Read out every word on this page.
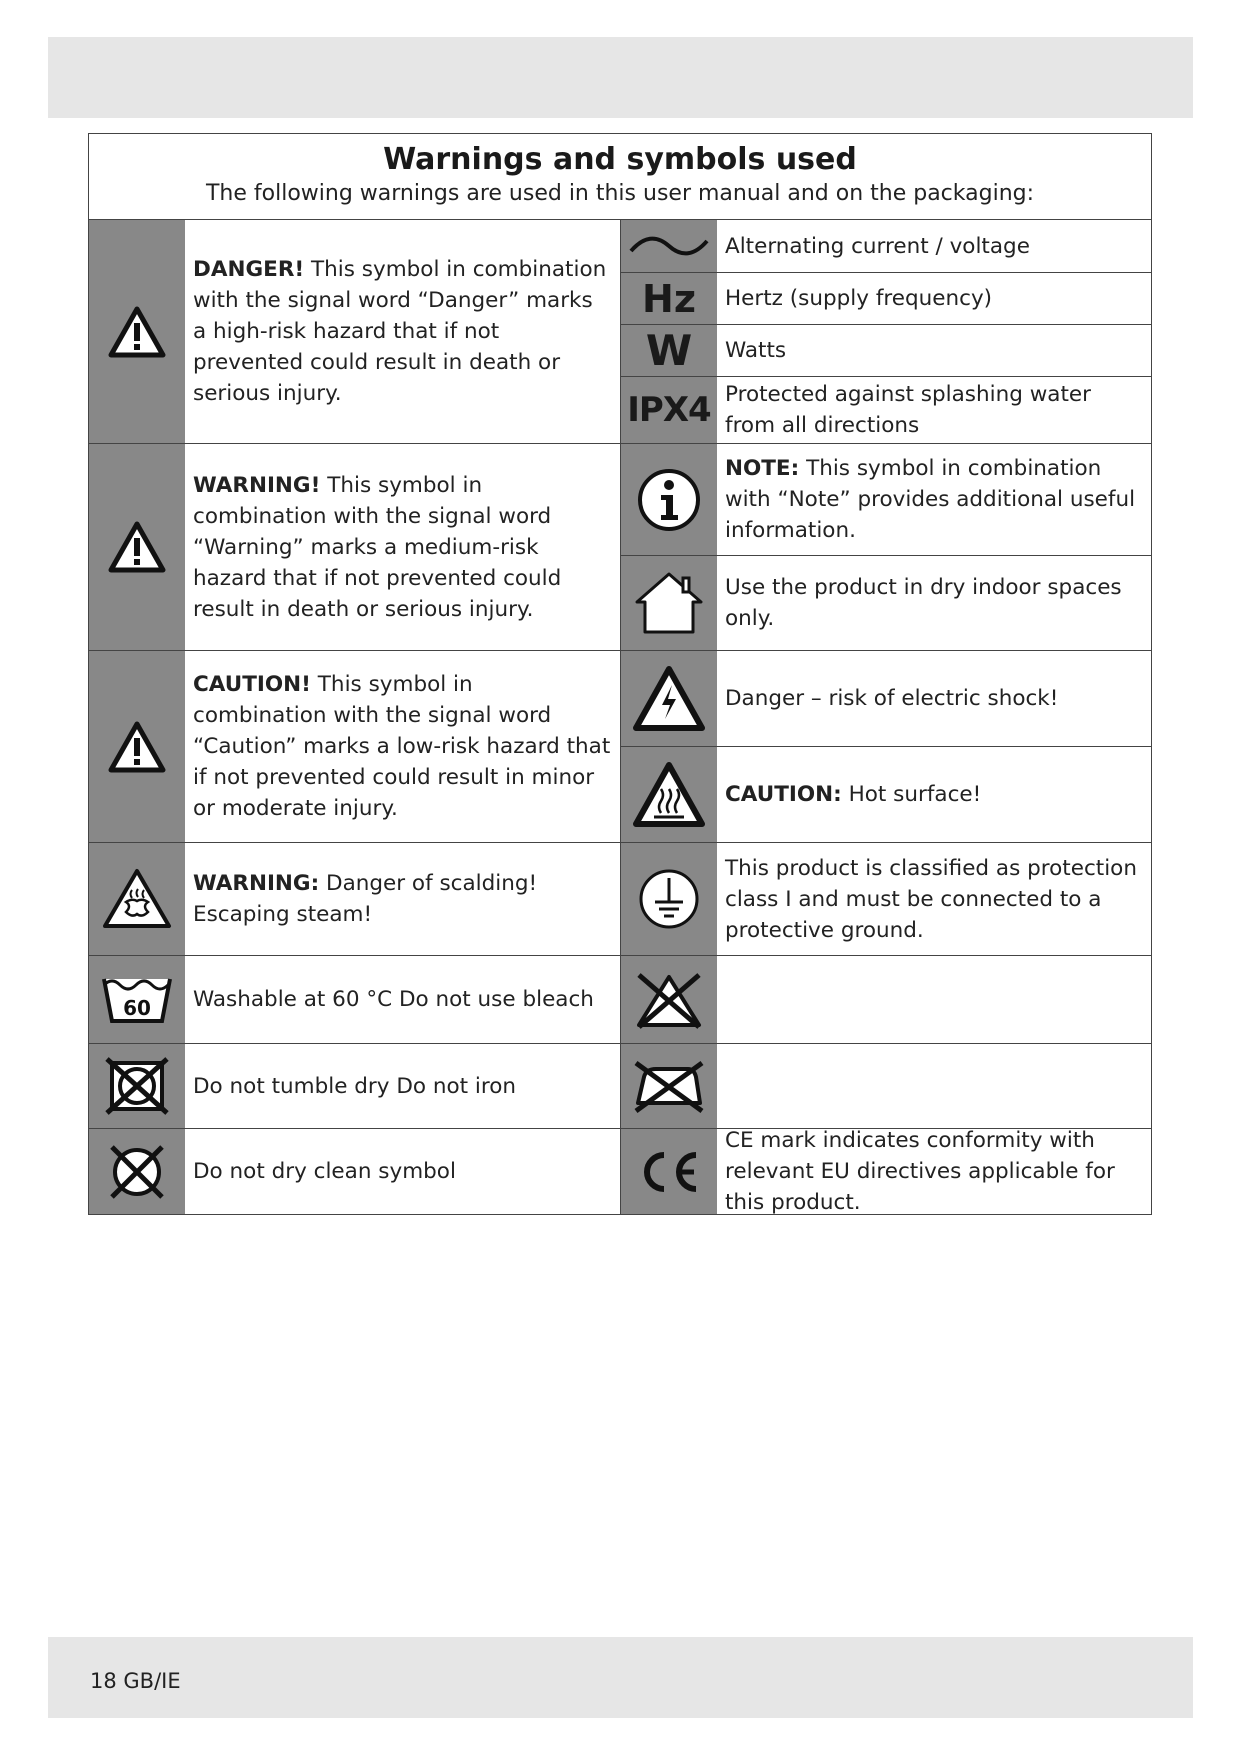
Warnings and symbols used
The following warnings are used in this user manual and on the packaging:
DANGER! This symbol in combination with the signal word “Danger” marks a high-risk hazard that if not prevented could result in death or serious injury.
WARNING! This symbol in combination with the signal word “Warning” marks a medium-risk hazard that if not prevented could result in death or serious injury.
CAUTION! This symbol in combination with the signal word “Caution” marks a low-risk hazard that if not prevented could result in minor or moderate injury.
WARNING: Danger of scalding! Escaping steam!
60 Washable at 60 °C Do not use bleach
Do not tumble dry Do not iron
Do not dry clean symbol
Alternating current / voltage
Hz Hertz (supply frequency)
W Watts
IPX4 Protected against splashing water from all directions
NOTE: This symbol in combination with “Note” provides additional useful information.
Use the product in dry indoor spaces only.
Danger – risk of electric shock!
CAUTION: Hot surface!
This product is classified as protection class I and must be connected to a protective ground.
CE mark indicates conformity with relevant EU directives applicable for this product.
18 GB/IE
